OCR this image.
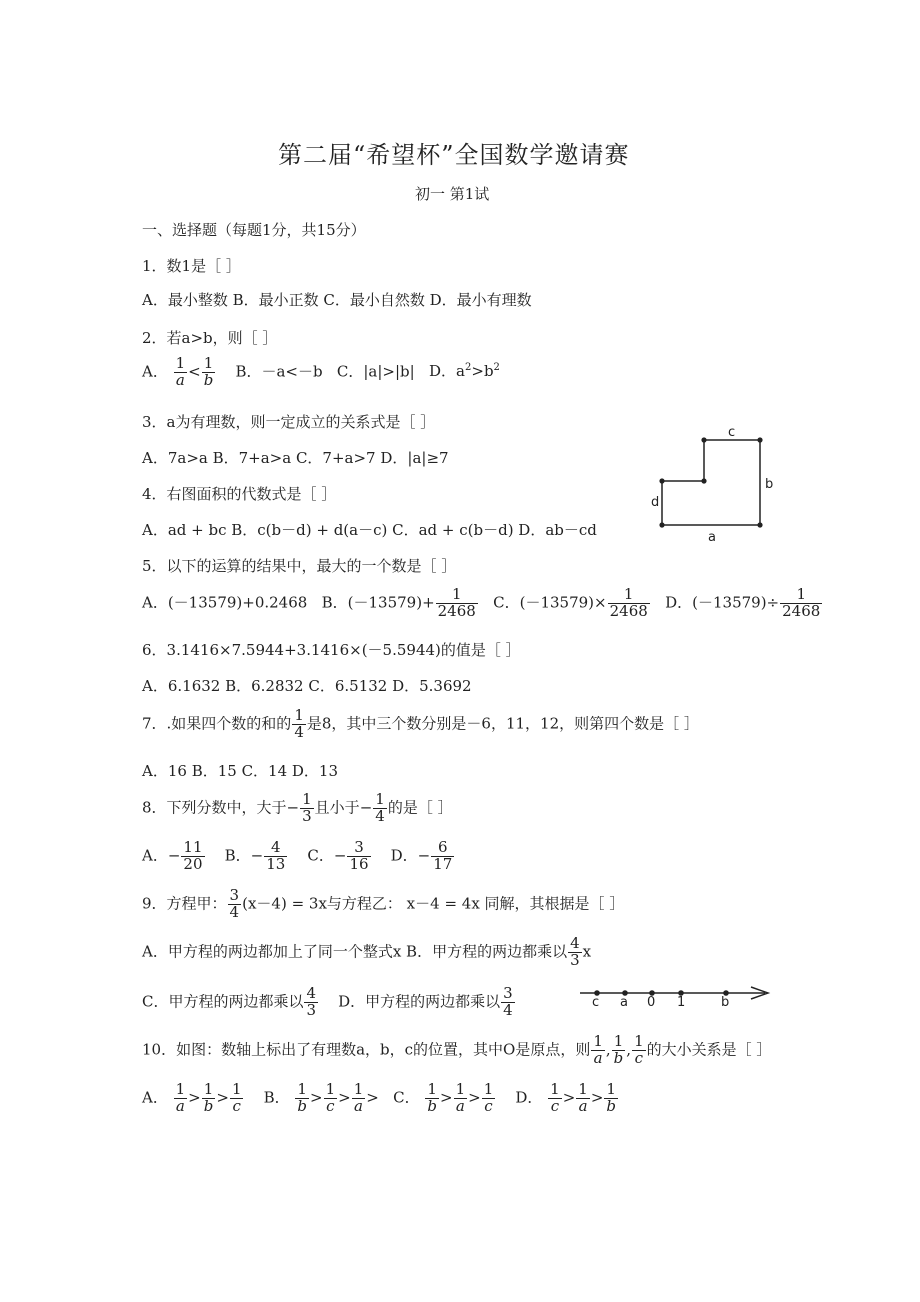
第二届“希望杯”全国数学邀请赛
初一 第1试
一、选择题（每题1分，共15分）
1．数1是［ ］
A．最小整数 B．最小正数 C．最小自然数 D．最小有理数
2．若a>b，则［ ］
A． $\frac{1}{a} < \frac{1}{b}$ B．－a<－b C．|a|>|b| D．$a^2>b^2$
3．a为有理数，则一定成立的关系式是［ ］
A．7a>a B．7+a>a C．7+a>7 D．|a|≥7
4．右图面积的代数式是［ ］
A．ad + bc B．c(b－d) + d(a－c) C．ad + c(b－d) D．ab－cd
c
b
d
a
5．以下的运算的结果中，最大的一个数是［ ］
A．(－13579)+0.2468 B．$(-13579)+ \frac{1}{2468}$ C．$(-13579)\times \frac{1}{2468}$ D．$(-13579)\div \frac{1}{2468}$
6．3.1416×7.5944+3.1416×(－5.5944)的值是［ ］
A．6.1632 B．6.2832 C．6.5132 D．5.3692
7．.如果四个数的和的 $\frac{1}{4}$ 是8，其中三个数分别是－6，11，12，则第四个数是［ ］
A．16 B．15 C．14 D．13
8．下列分数中，大于− $\frac{1}{3}$ 且小于− $\frac{1}{4}$ 的是［ ］
A．− $\frac{11}{20}$ B．− $\frac{4}{13}$ C．− $\frac{3}{16}$ D．− $\frac{6}{17}$
9．方程甲： $\frac{3}{4} (x-4) = 3x$与方程乙： x－4 = 4x 同解，其根据是［ ］
A．甲方程的两边都加上了同一个整式x B．甲方程的两边都乘以 $\frac{4}{3}$ x
C．甲方程的两边都乘以 $\frac{4}{3}$ D．甲方程的两边都乘以 $\frac{3}{4}$	c a 0 1	b
10．如图：数轴上标出了有理数a，b，c的位置，其中O是原点，则 $\frac{1}{a}$ , $\frac{1}{b}$ , $\frac{1}{c}$ 的大小关系是［ ］
A． $\frac{1}{a} > \frac{1}{b} > \frac{1}{c}$ B． $\frac{1}{b} > \frac{1}{c} > \frac{1}{a} > C$． $\frac{1}{b} > \frac{1}{a} > \frac{1}{c}$ D． $\frac{1}{c} > \frac{1}{a} > \frac{1}{b}$
